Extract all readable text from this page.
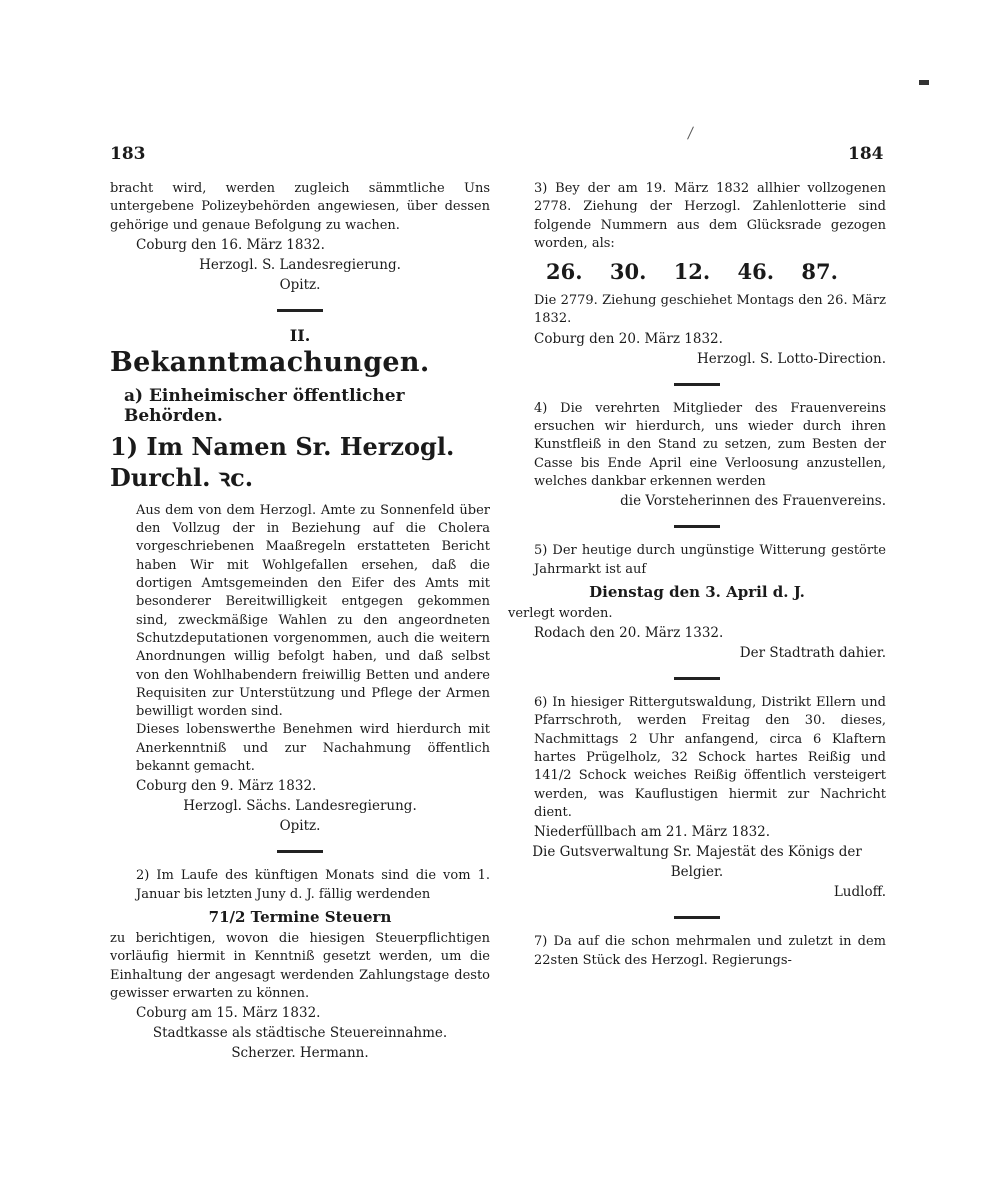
183	184

bracht wird, werden zugleich sämmtliche Uns untergebene Polizeybehörden angewiesen, über dessen gehörige und genaue Befolgung zu wachen.

Coburg den 16. März 1832.

Herzogl. S. Landesregierung.

Opitz.

II.
Bekanntmachungen.
a) Einheimischer öffentlicher Behörden.
1) Im Namen Sr. Herzogl. Durchl. ꝛc.

Aus dem von dem Herzogl. Amte zu Sonnenfeld über den Vollzug der in Beziehung auf die Cholera vorgeschriebenen Maaßregeln erstatteten Bericht haben Wir mit Wohlgefallen ersehen, daß die dortigen Amtsgemeinden den Eifer des Amts mit besonderer Bereitwilligkeit entgegen gekommen sind, zweckmäßige Wahlen zu den angeordneten Schutzdeputationen vorgenommen, auch die weitern Anordnungen willig befolgt haben, und daß selbst von den Wohlhabendern freiwillig Betten und andere Requisiten zur Unterstützung und Pflege der Armen bewilligt worden sind.

Dieses lobenswerthe Benehmen wird hierdurch mit Anerkenntniß und zur Nachahmung öffentlich bekannt gemacht.

Coburg den 9. März 1832.

Herzogl. Sächs. Landesregierung.

Opitz.

2) Im Laufe des künftigen Monats sind die vom 1. Januar bis letzten Juny d. J. fällig werdenden

71/2 Termine Steuern

zu berichtigen, wovon die hiesigen Steuerpflichtigen vorläufig hiermit in Kenntniß gesetzt werden, um die Einhaltung der angesagt werdenden Zahlungstage desto gewisser erwarten zu können.

Coburg am 15. März 1832.

Stadtkasse als städtische Steuereinnahme.

Scherzer. Hermann.

3) Bey der am 19. März 1832 allhier vollzogenen 2778. Ziehung der Herzogl. Zahlenlotterie sind folgende Nummern aus dem Glücksrade gezogen worden, als:

26. 30. 12. 46. 87.

Die 2779. Ziehung geschiehet Montags den 26. März 1832.

Coburg den 20. März 1832.

Herzogl. S. Lotto-Direction.

4) Die verehrten Mitglieder des Frauenvereins ersuchen wir hierdurch, uns wieder durch ihren Kunstfleiß in den Stand zu setzen, zum Besten der Casse bis Ende April eine Verloosung anzustellen, welches dankbar erkennen werden

die Vorsteherinnen des Frauenvereins.

5) Der heutige durch ungünstige Witterung gestörte Jahrmarkt ist auf

Dienstag den 3. April d. J.

verlegt worden.

Rodach den 20. März 1332.

Der Stadtrath dahier.

6) In hiesiger Rittergutswaldung, Distrikt Ellern und Pfarrschroth, werden Freitag den 30. dieses, Nachmittags 2 Uhr anfangend, circa 6 Klaftern hartes Prügelholz, 32 Schock hartes Reißig und 141/2 Schock weiches Reißig öffentlich versteigert werden, was Kauflustigen hiermit zur Nachricht dient.

Niederfüllbach am 21. März 1832.

Die Gutsverwaltung Sr. Majestät des Königs der Belgier.

Ludloff.

7) Da auf die schon mehrmalen und zuletzt in dem 22sten Stück des Herzogl. Regierungs-
